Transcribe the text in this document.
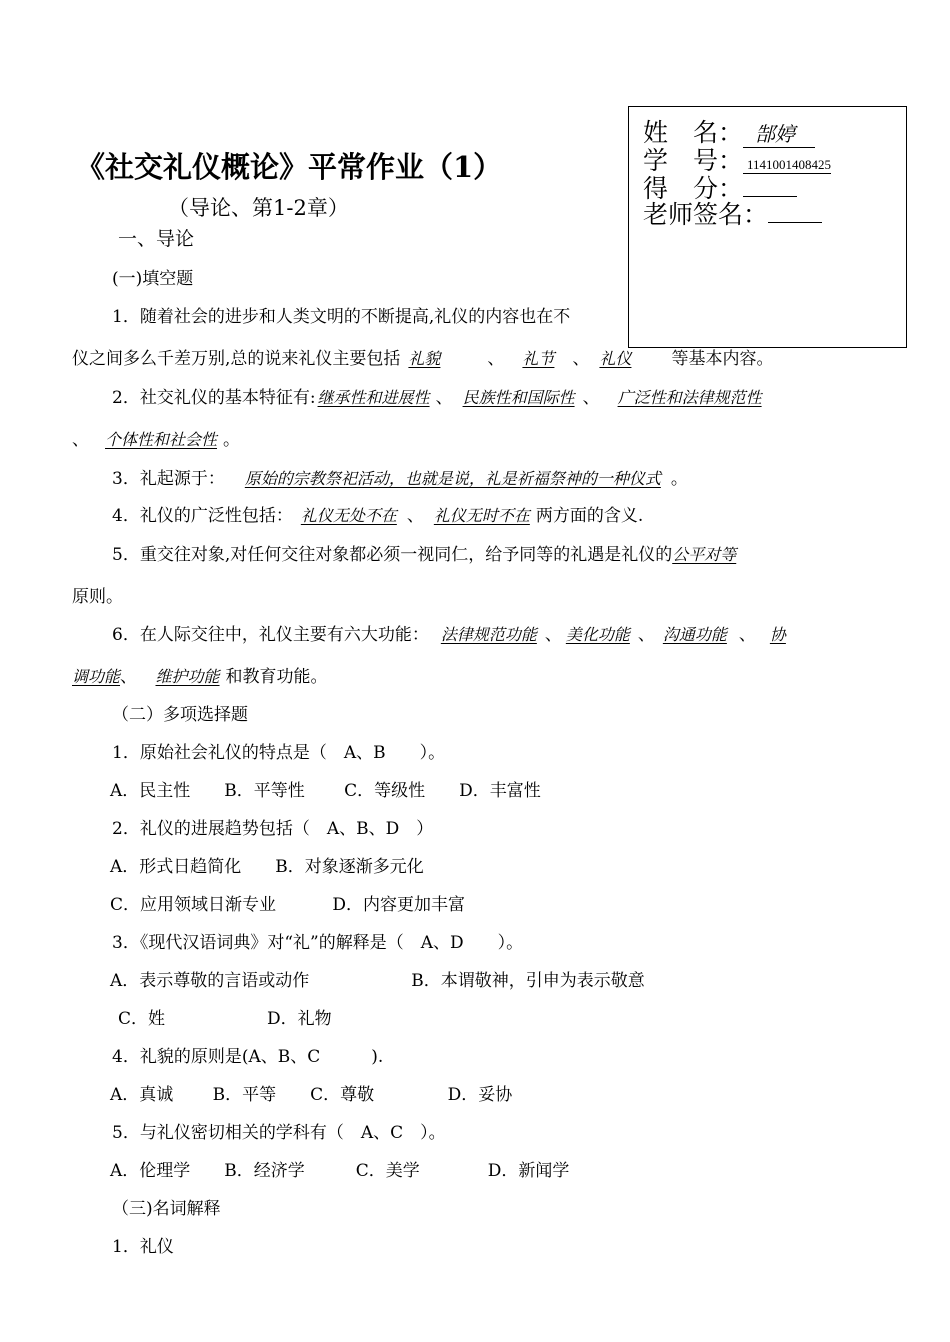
《社交礼仪概论》平常作业（1）
（导论、第1-2章）
一、导论
姓　名： 郜婷
学　号： 1141001408425
得　分：
老师签名：
(一)填空题
1．随着社会的进步和人类文明的不断提高,礼仪的内容也在不
仪之间多么千差万别,总的说来礼仪主要包括 礼貌　、 礼节 、 礼仪 等基本内容。
2．社交礼仪的基本特征有: 继承性和进展性 、 民族性和国际性 、 广泛性和法律规范性
、 个体性和社会性 。
3．礼起源于： 原始的宗教祭祀活动，也就是说，礼是祈福祭神的一种仪式 。
4．礼仪的广泛性包括： 礼仪无处不在 、 礼仪无时不在 两方面的含义.
5．重交往对象,对任何交往对象都必须一视同仁，给予同等的礼遇是礼仪的公平对等
原则。
6．在人际交往中，礼仪主要有六大功能： 法律规范功能 、 美化功能 、 沟通功能 、 协
调功能、　维护功能 和教育功能。
（二）多项选择题
1．原始社会礼仪的特点是（　A、B　　）。
A．民主性　　B．平等性　　 C．等级性　　D．丰富性
2．礼仪的进展趋势包括（　A、B、D　）
A．形式日趋简化　　B．对象逐渐多元化
C．应用领域日渐专业　　　 D．内容更加丰富
3．《现代汉语词典》对“礼”的解释是（　A、D　　）。
A．表示尊敬的言语或动作　　　　　　B．本谓敬神，引申为表示敬意
C．姓　　　　　　D．礼物
4．礼貌的原则是(A、B、C　　　).
A．真诚　　 B．平等　　C．尊敬　　　 　D．妥协
5．与礼仪密切相关的学科有（　A、C　）。
A．伦理学　　B．经济学　　　C．美学　　　　D．新闻学
（三)名词解释
1．礼仪
